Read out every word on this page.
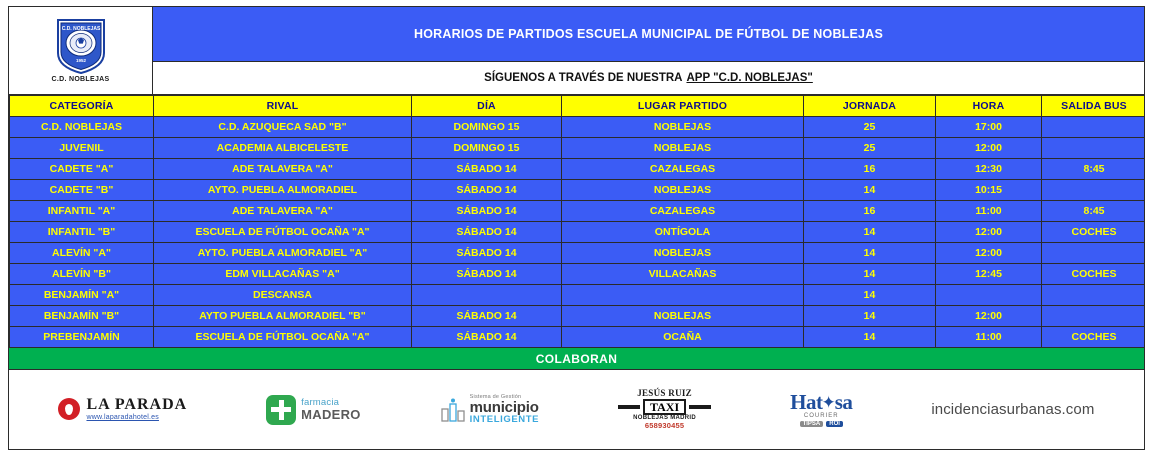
C.D. NOBLEJAS
1952
C.D. NOBLEJAS
HORARIOS DE PARTIDOS ESCUELA MUNICIPAL DE FÚTBOL DE NOBLEJAS
SÍGUENOS A TRAVÉS DE NUESTRA APP "C.D. NOBLEJAS"
CATEGORÍA	RIVAL	DÍA	LUGAR PARTIDO	JORNADA	HORA	SALIDA BUS
C.D. NOBLEJAS	C.D. AZUQUECA SAD "B"	DOMINGO 15	NOBLEJAS	25	17:00	
JUVENIL	ACADEMIA ALBICELESTE	DOMINGO 15	NOBLEJAS	25	12:00	
CADETE "A"	ADE TALAVERA "A"	SÁBADO 14	CAZALEGAS	16	12:30	8:45
CADETE "B"	AYTO. PUEBLA ALMORADIEL	SÁBADO 14	NOBLEJAS	14	10:15	
INFANTIL "A"	ADE TALAVERA "A"	SÁBADO 14	CAZALEGAS	16	11:00	8:45
INFANTIL "B"	ESCUELA DE FÚTBOL OCAÑA "A"	SÁBADO 14	ONTÍGOLA	14	12:00	COCHES
ALEVÍN "A"	AYTO. PUEBLA ALMORADIEL "A"	SÁBADO 14	NOBLEJAS	14	12:00	
ALEVÍN "B"	EDM VILLACAÑAS "A"	SÁBADO 14	VILLACAÑAS	14	12:45	COCHES
BENJAMÍN "A"	DESCANSA			14		
BENJAMÍN "B"	AYTO PUEBLA ALMORADIEL "B"	SÁBADO 14	NOBLEJAS	14	12:00	
PREBENJAMÍN	ESCUELA DE FÚTBOL OCAÑA "A"	SÁBADO 14	OCAÑA	14	11:00	COCHES
COLABORAN
LA PARADA
www.laparadahotel.es
farmacia
MADERO
Sistema de Gestión
municipio
INTELIGENTE
JESÚS RUIZ
TAXI
NOBLEJAS MADRID
658930455
Hat ✦ sa
COURIER
TIPSA	ROI
incidenciasurbanas.com
